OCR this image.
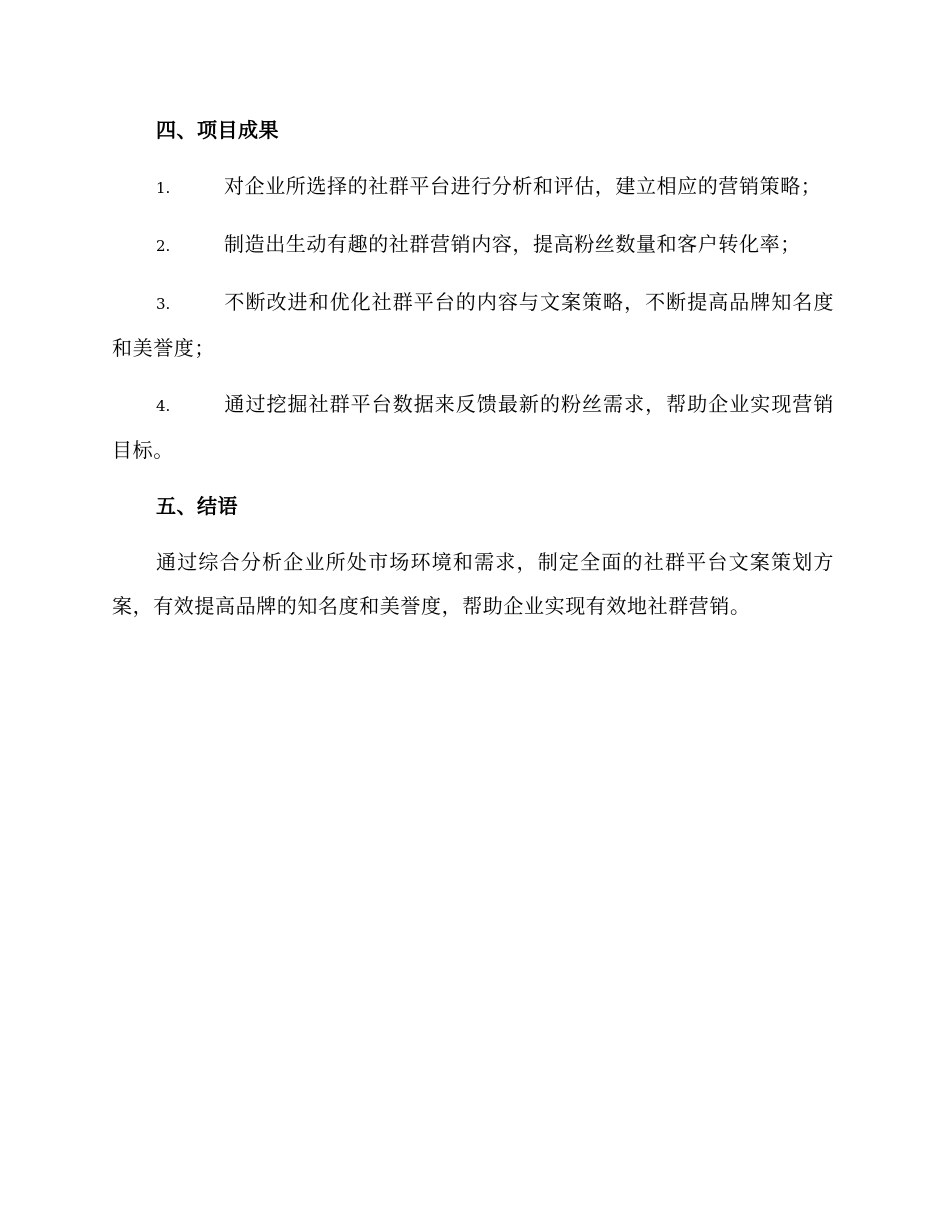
四、项目成果
1.	对企业所选择的社群平台进行分析和评估，建立相应的营销策略；
2.	制造出生动有趣的社群营销内容，提高粉丝数量和客户转化率；
3.	不断改进和优化社群平台的内容与文案策略，不断提高品牌知名度和美誉度；
4.	通过挖掘社群平台数据来反馈最新的粉丝需求，帮助企业实现营销目标。
五、结语

通过综合分析企业所处市场环境和需求，制定全面的社群平台文案策划方案，有效提高品牌的知名度和美誉度，帮助企业实现有效地社群营销。
